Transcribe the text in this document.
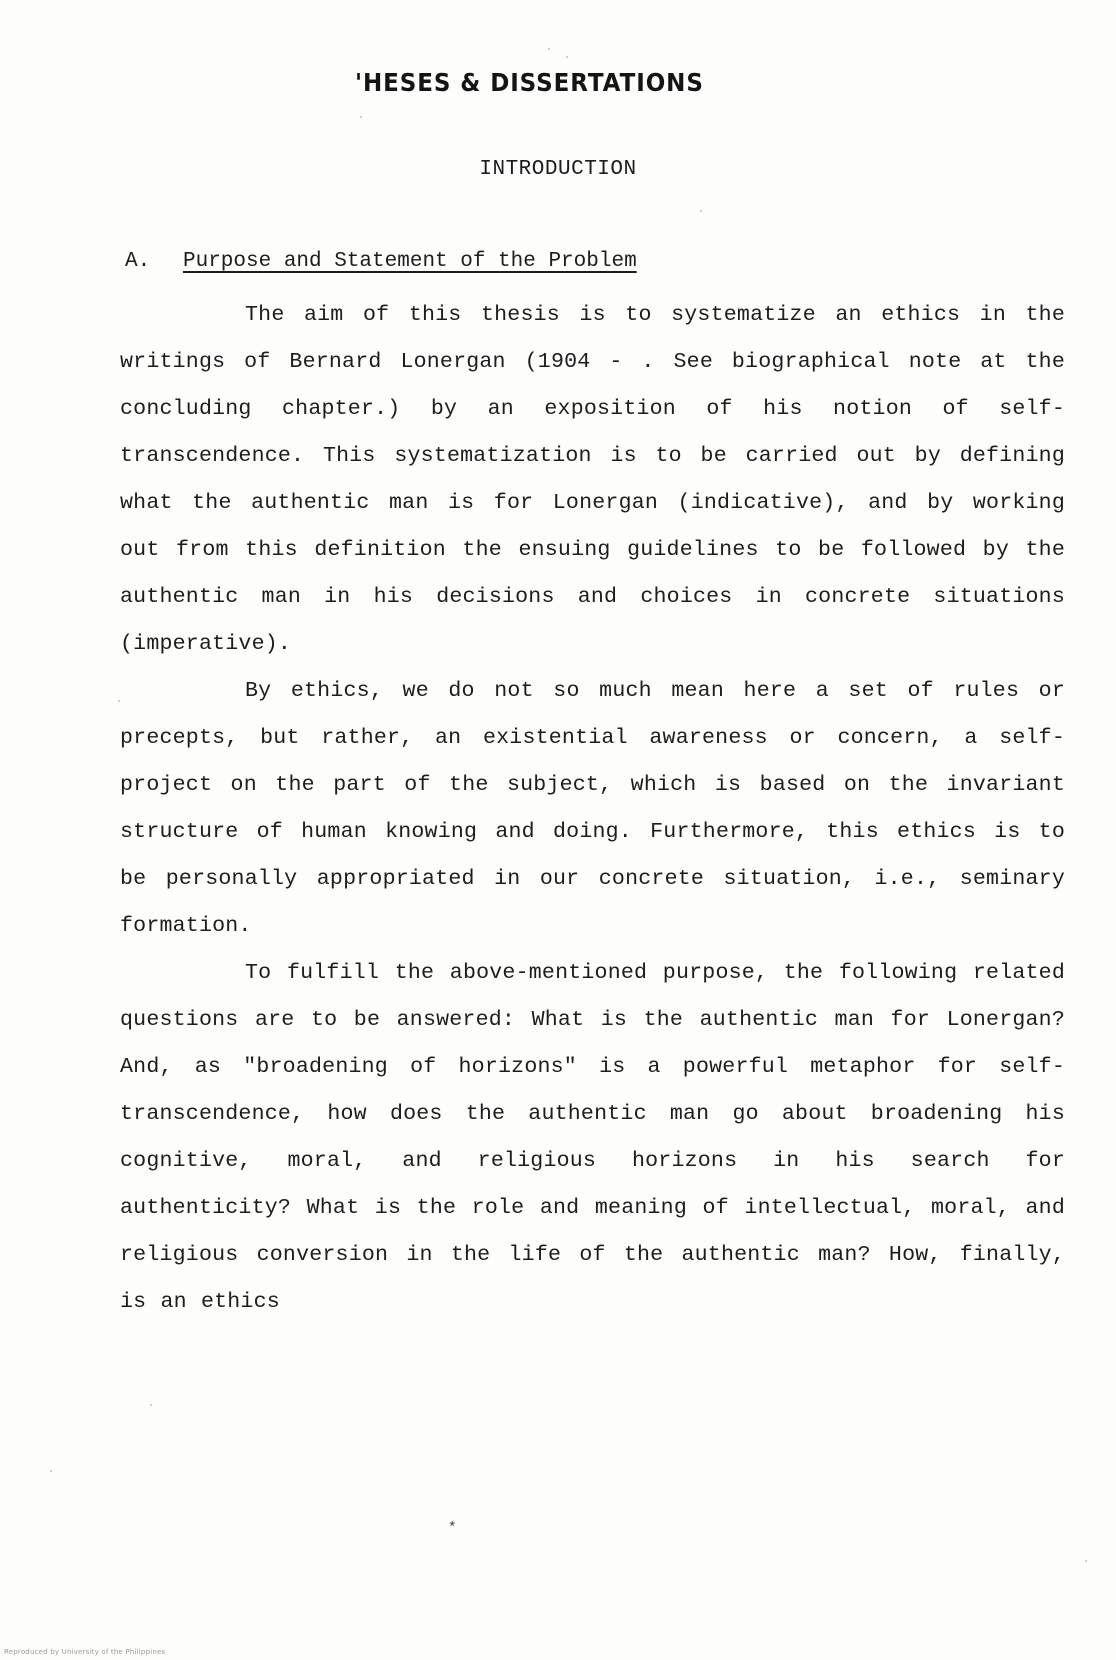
'HESES & DISSERTATIONS
INTRODUCTION
A. Purpose and Statement of the Problem

The aim of this thesis is to systematize an ethics in the writings of Bernard Lonergan (1904 - . See biographical note at the concluding chapter.) by an exposition of his notion of self-transcendence. This systematization is to be carried out by defining what the authentic man is for Lonergan (indicative), and by working out from this definition the ensuing guidelines to be followed by the authentic man in his decisions and choices in concrete situations (imperative).

By ethics, we do not so much mean here a set of rules or precepts, but rather, an existential awareness or concern, a self-project on the part of the subject, which is based on the invariant structure of human knowing and doing. Furthermore, this ethics is to be personally appropriated in our concrete situation, i.e., seminary formation.

To fulfill the above-mentioned purpose, the following related questions are to be answered: What is the authentic man for Lonergan? And, as "broadening of horizons" is a powerful metaphor for self-transcendence, how does the authentic man go about broadening his cognitive, moral, and religious horizons in his search for authenticity? What is the role and meaning of intellectual, moral, and religious conversion in the life of the authentic man? How, finally, is an ethics

*
Reproduced by University of the Philippines
